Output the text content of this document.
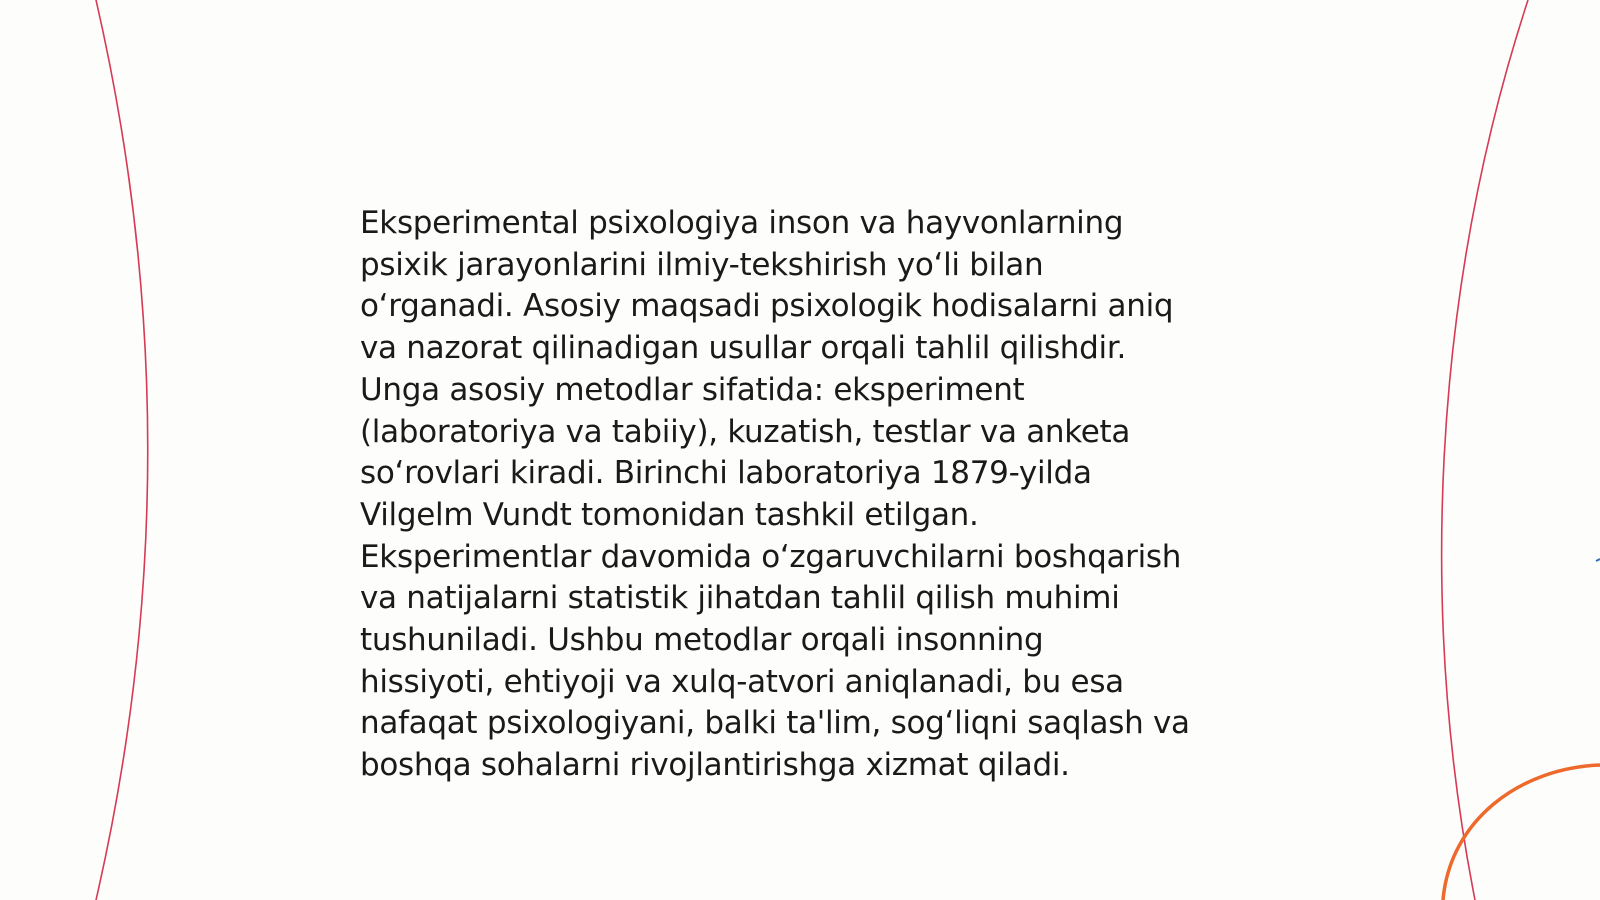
Eksperimental psixologiya inson va hayvonlarning
psixik jarayonlarini ilmiy-tekshirish yo‘li bilan
o‘rganadi. Asosiy maqsadi psixologik hodisalarni aniq
va nazorat qilinadigan usullar orqali tahlil qilishdir.
Unga asosiy metodlar sifatida: eksperiment
(laboratoriya va tabiiy), kuzatish, testlar va anketa
so‘rovlari kiradi. Birinchi laboratoriya 1879-yilda
Vilgelm Vundt tomonidan tashkil etilgan.
Eksperimentlar davomida o‘zgaruvchilarni boshqarish
va natijalarni statistik jihatdan tahlil qilish muhimi
tushuniladi. Ushbu metodlar orqali insonning
hissiyoti, ehtiyoji va xulq-atvori aniqlanadi, bu esa
nafaqat psixologiyani, balki ta'lim, sog‘liqni saqlash va
boshqa sohalarni rivojlantirishga xizmat qiladi.
